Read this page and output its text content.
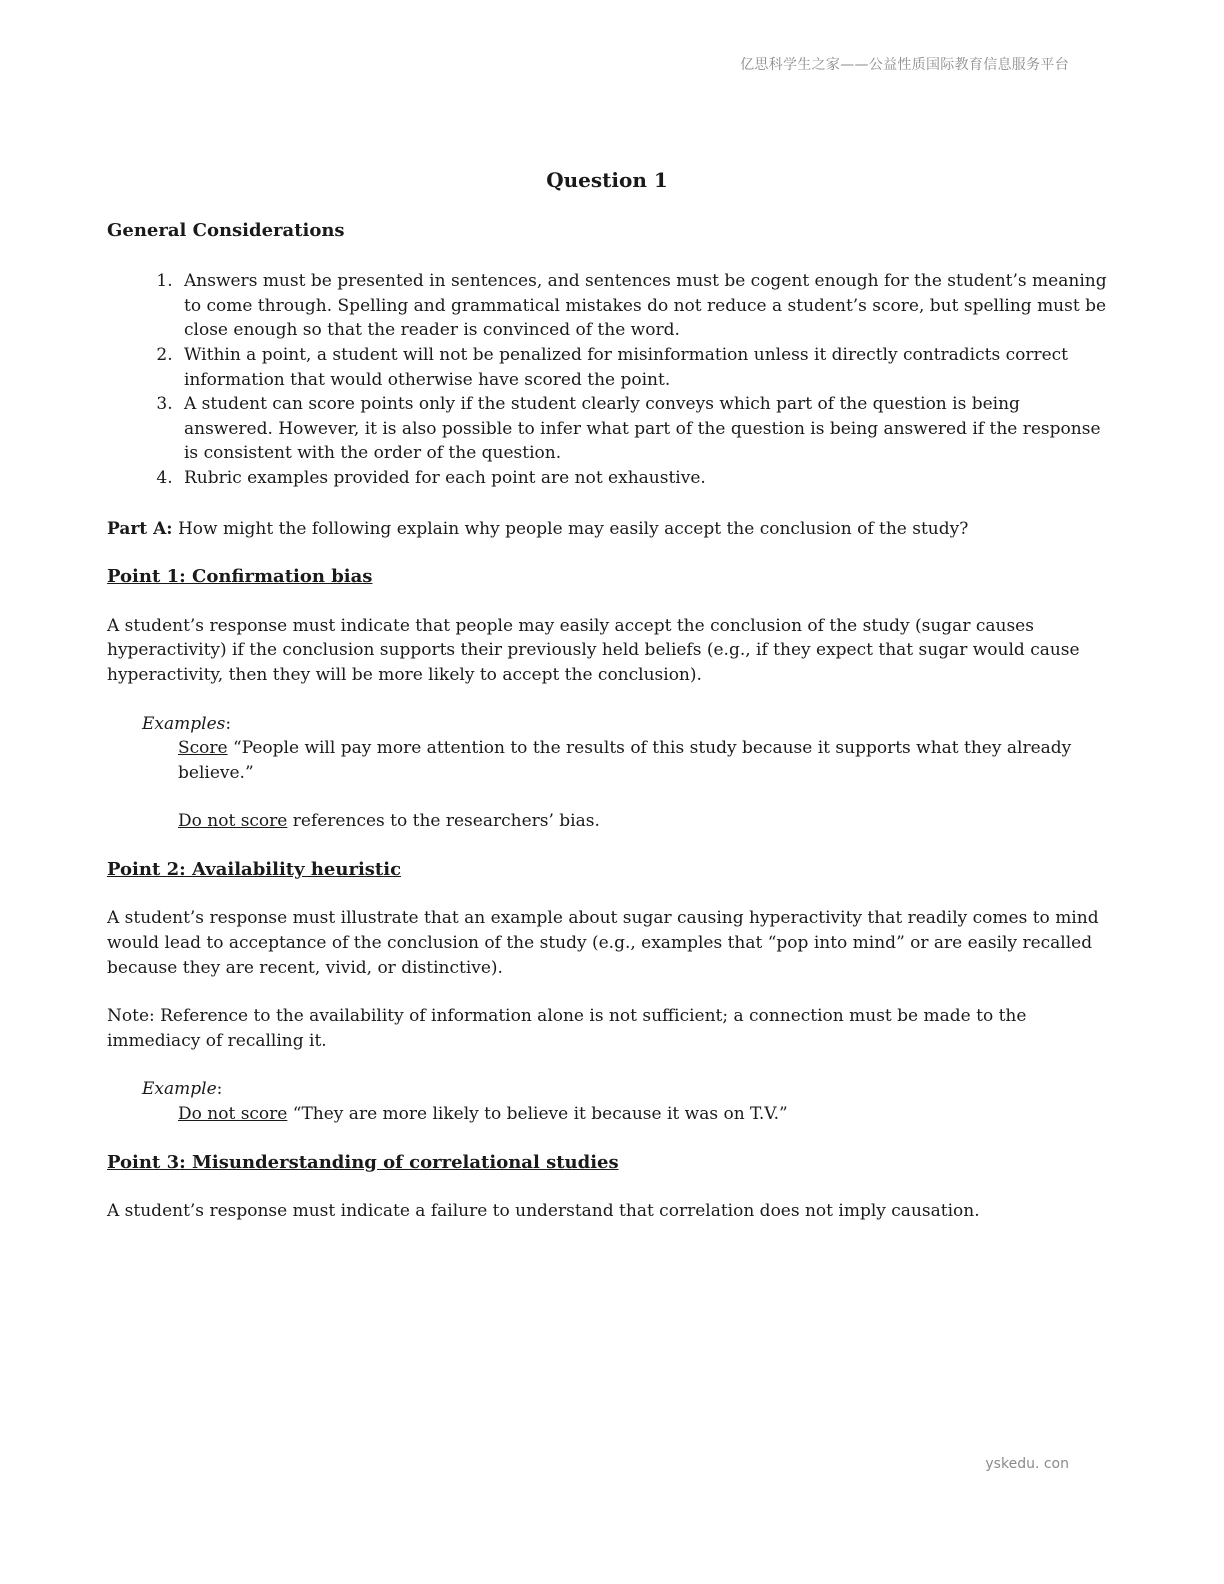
亿思科学生之家——公益性质国际教育信息服务平台
Question 1
General Considerations
1. Answers must be presented in sentences, and sentences must be cogent enough for the student’s meaning to come through. Spelling and grammatical mistakes do not reduce a student’s score, but spelling must be close enough so that the reader is convinced of the word.
2. Within a point, a student will not be penalized for misinformation unless it directly contradicts correct information that would otherwise have scored the point.
3. A student can score points only if the student clearly conveys which part of the question is being answered. However, it is also possible to infer what part of the question is being answered if the response is consistent with the order of the question.
4. Rubric examples provided for each point are not exhaustive.

Part A: How might the following explain why people may easily accept the conclusion of the study?

Point 1: Confirmation bias

A student’s response must indicate that people may easily accept the conclusion of the study (sugar causes hyperactivity) if the conclusion supports their previously held beliefs (e.g., if they expect that sugar would cause hyperactivity, then they will be more likely to accept the conclusion).

Examples:
Score “People will pay more attention to the results of this study because it supports what they already believe.”
Do not score references to the researchers’ bias.
Point 2: Availability heuristic

A student’s response must illustrate that an example about sugar causing hyperactivity that readily comes to mind would lead to acceptance of the conclusion of the study (e.g., examples that “pop into mind” or are easily recalled because they are recent, vivid, or distinctive).

Note: Reference to the availability of information alone is not sufficient; a connection must be made to the immediacy of recalling it.

Example:
Do not score “They are more likely to believe it because it was on T.V.”
Point 3: Misunderstanding of correlational studies

A student’s response must indicate a failure to understand that correlation does not imply causation.

yskedu. con
